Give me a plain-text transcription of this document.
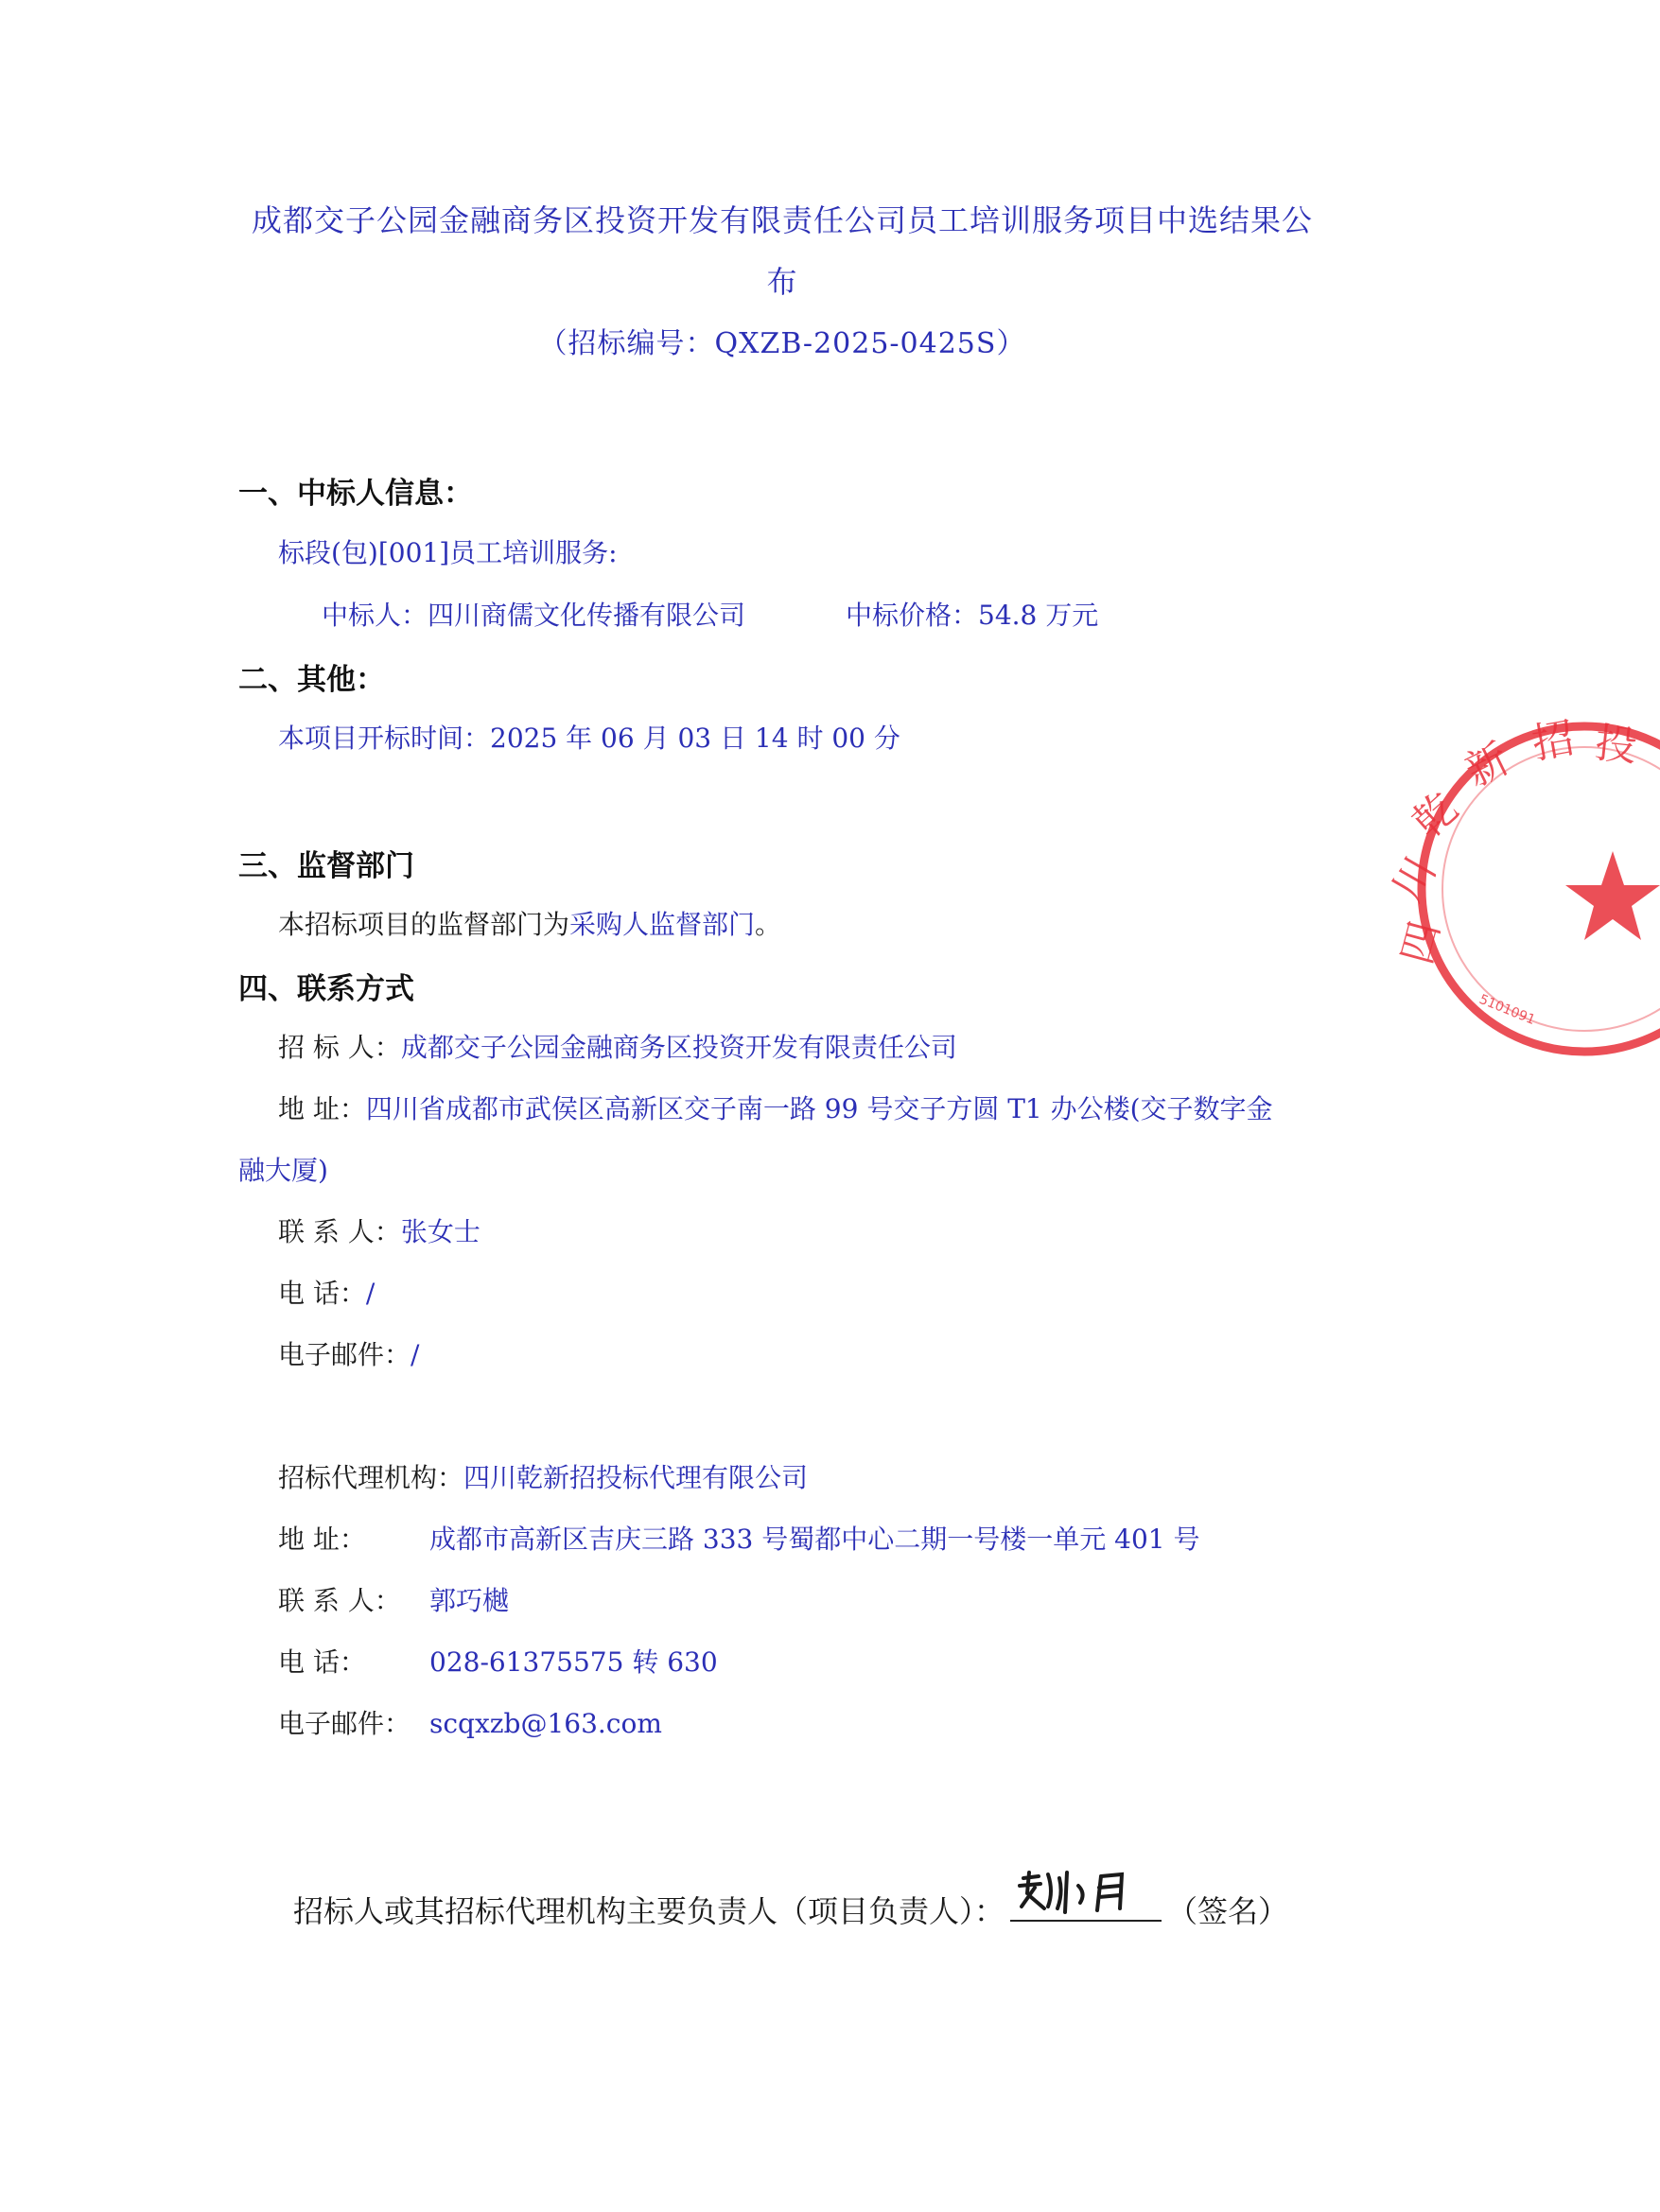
成都交子公园金融商务区投资开发有限责任公司员工培训服务项目中选结果公
布
（招标编号：QXZB-2025-0425S）
一、中标人信息：
标段(包)[001]员工培训服务:
中标人：四川商儒文化传播有限公司	中标价格：54.8 万元
二、其他：
本项目开标时间：2025 年 06 月 03 日 14 时 00 分
三、监督部门
本招标项目的监督部门为采购人监督部门。
四、联系方式
招 标 人：成都交子公园金融商务区投资开发有限责任公司
地 址：四川省成都市武侯区高新区交子南一路 99 号交子方圆 T1 办公楼(交子数字金
融大厦)
联 系 人：张女士
电 话：/
电子邮件：/
招标代理机构：四川乾新招投标代理有限公司
地 址： 成都市高新区吉庆三路 333 号蜀都中心二期一号楼一单元 401 号
联 系 人： 郭巧樾
电 话： 028-61375575 转 630
电子邮件： scqxzb@163.com
招标人或其招标代理机构主要负责人（项目负责人）：	（签名）
四
川
乾
新 招 投
5101091
